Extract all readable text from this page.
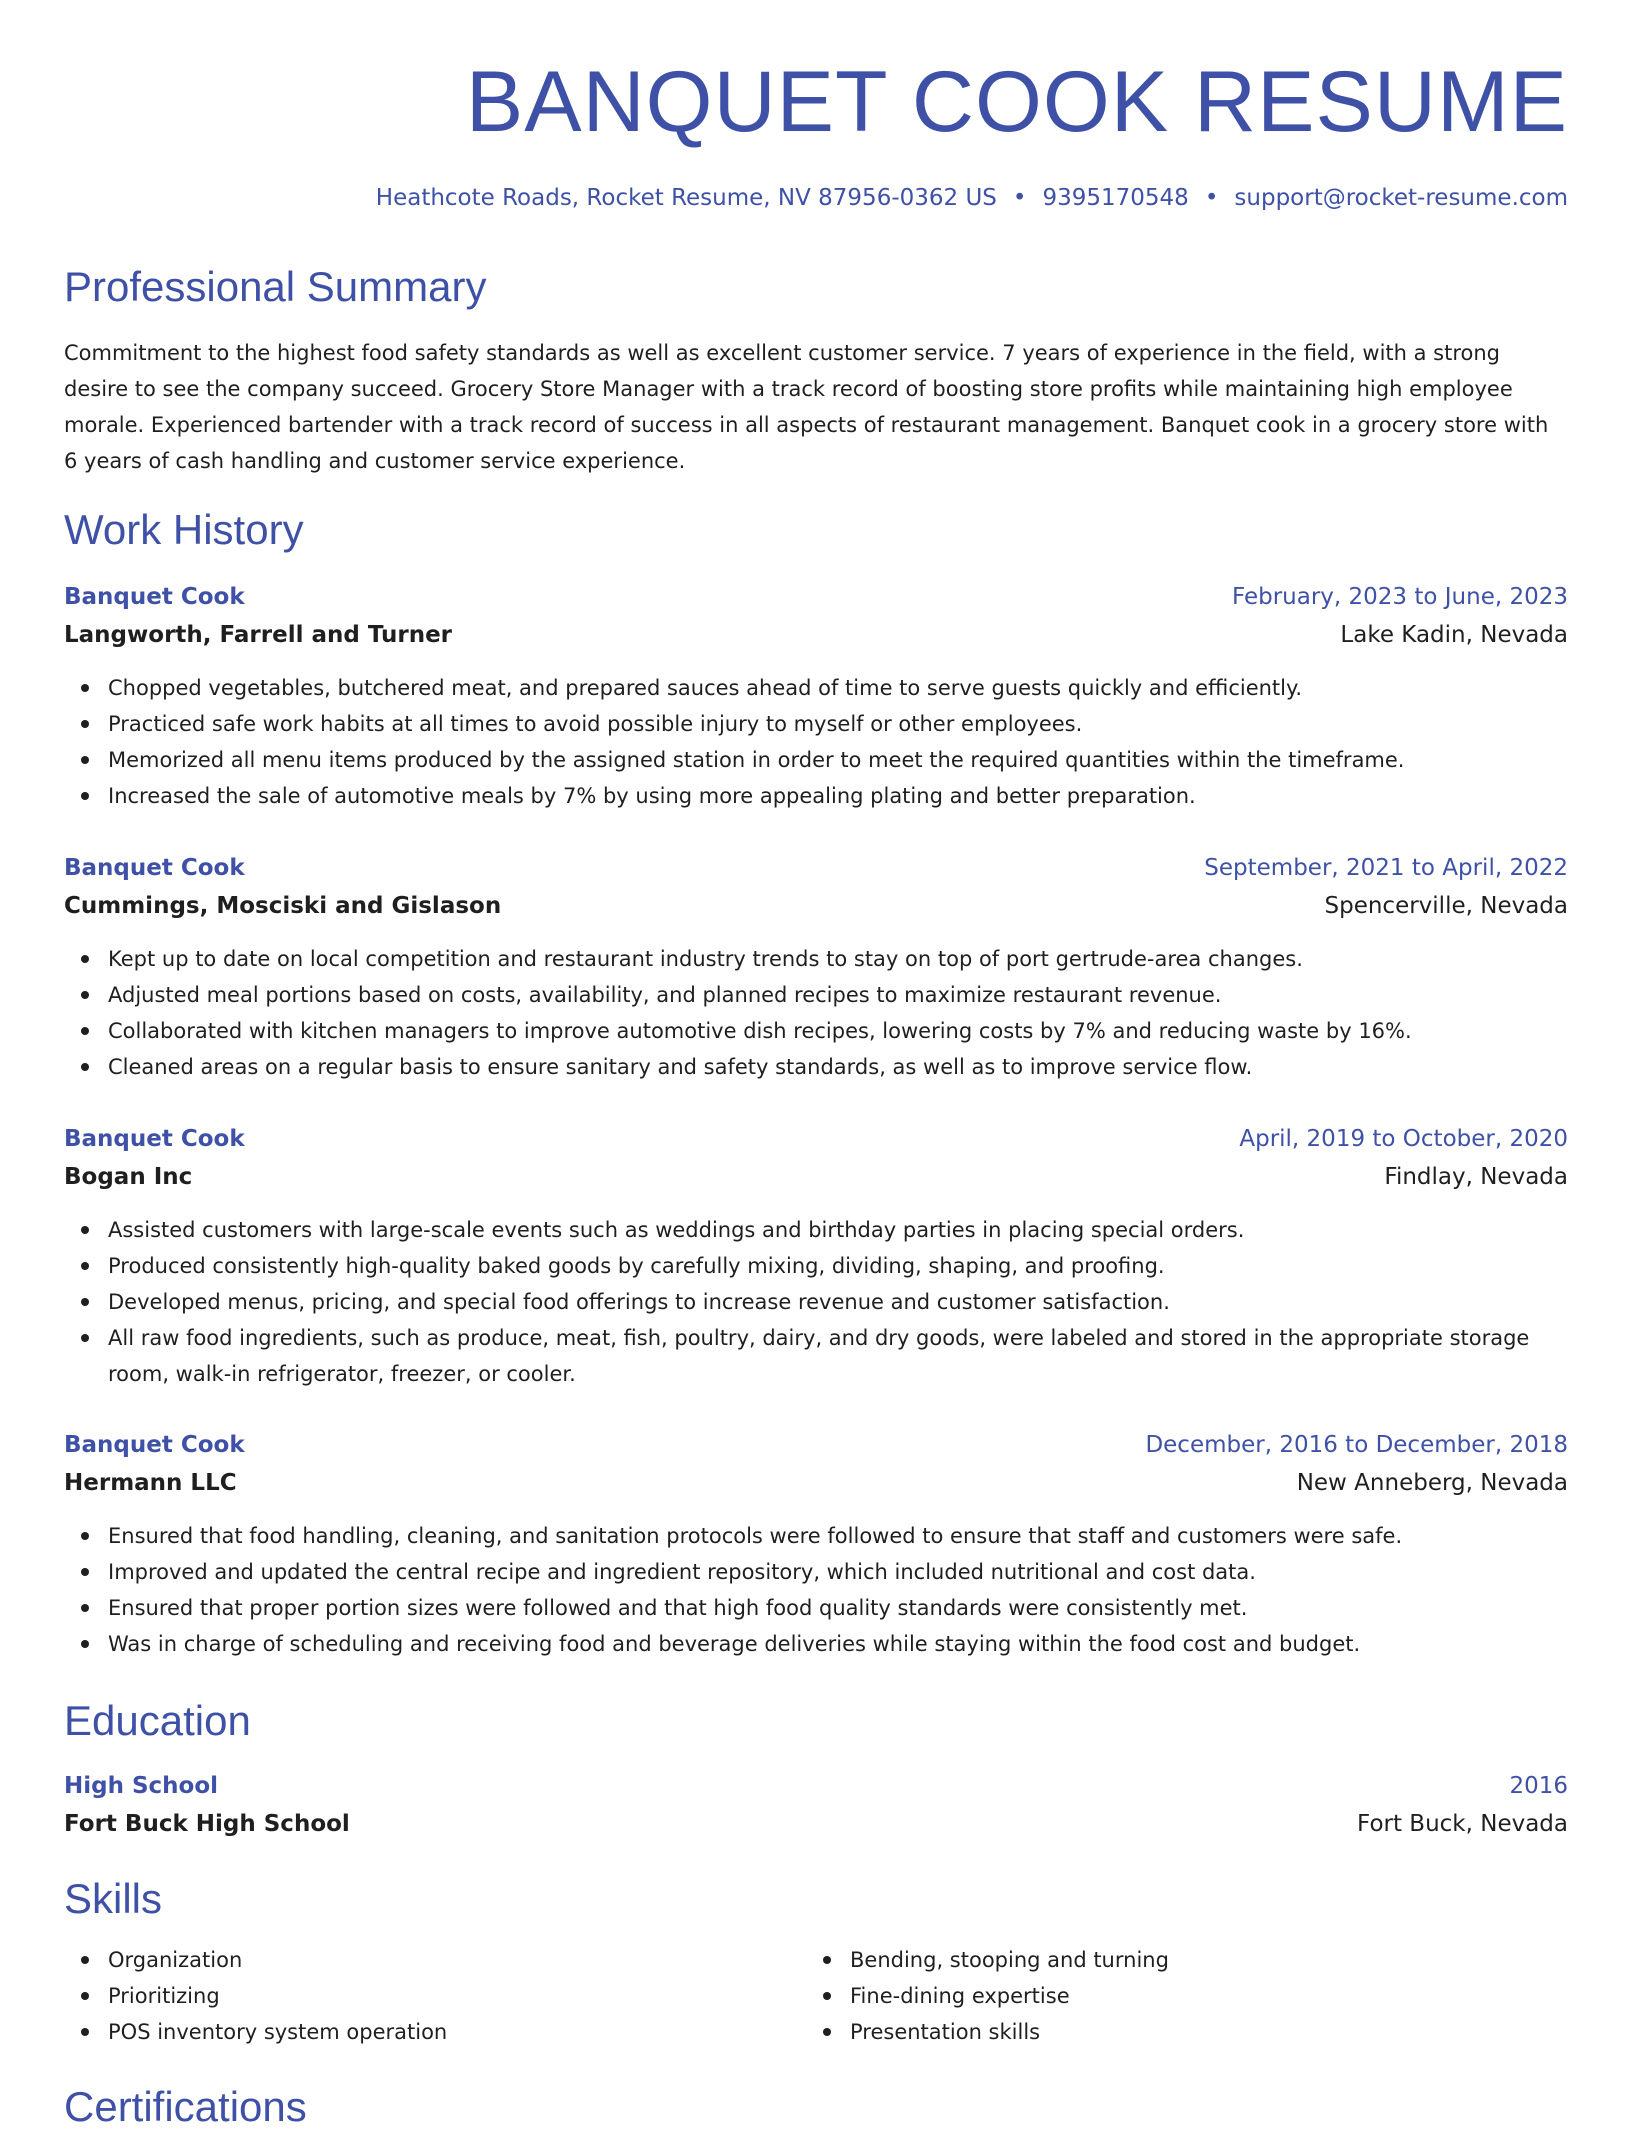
BANQUET COOK RESUME
Heathcote Roads, Rocket Resume, NV 87956-0362 US • 9395170548 • support@rocket-resume.com
Professional Summary

Commitment to the highest food safety standards as well as excellent customer service. 7 years of experience in the field, with a strong desire to see the company succeed. Grocery Store Manager with a track record of boosting store profits while maintaining high employee morale. Experienced bartender with a track record of success in all aspects of restaurant management. Banquet cook in a grocery store with 6 years of cash handling and customer service experience.

Work History
Banquet Cook	February, 2023 to June, 2023
Langworth, Farrell and Turner	Lake Kadin, Nevada
Chopped vegetables, butchered meat, and prepared sauces ahead of time to serve guests quickly and efficiently.
Practiced safe work habits at all times to avoid possible injury to myself or other employees.
Memorized all menu items produced by the assigned station in order to meet the required quantities within the timeframe.
Increased the sale of automotive meals by 7% by using more appealing plating and better preparation.
Banquet Cook	September, 2021 to April, 2022
Cummings, Mosciski and Gislason	Spencerville, Nevada
Kept up to date on local competition and restaurant industry trends to stay on top of port gertrude-area changes.
Adjusted meal portions based on costs, availability, and planned recipes to maximize restaurant revenue.
Collaborated with kitchen managers to improve automotive dish recipes, lowering costs by 7% and reducing waste by 16%.
Cleaned areas on a regular basis to ensure sanitary and safety standards, as well as to improve service flow.
Banquet Cook	April, 2019 to October, 2020
Bogan Inc	Findlay, Nevada
Assisted customers with large-scale events such as weddings and birthday parties in placing special orders.
Produced consistently high-quality baked goods by carefully mixing, dividing, shaping, and proofing.
Developed menus, pricing, and special food offerings to increase revenue and customer satisfaction.
All raw food ingredients, such as produce, meat, fish, poultry, dairy, and dry goods, were labeled and stored in the appropriate storage room, walk-in refrigerator, freezer, or cooler.
Banquet Cook	December, 2016 to December, 2018
Hermann LLC	New Anneberg, Nevada
Ensured that food handling, cleaning, and sanitation protocols were followed to ensure that staff and customers were safe.
Improved and updated the central recipe and ingredient repository, which included nutritional and cost data.
Ensured that proper portion sizes were followed and that high food quality standards were consistently met.
Was in charge of scheduling and receiving food and beverage deliveries while staying within the food cost and budget.
Education
High School	2016
Fort Buck High School	Fort Buck, Nevada
Skills
Organization
Prioritizing
POS inventory system operation
Bending, stooping and turning
Fine-dining expertise
Presentation skills
Certifications
